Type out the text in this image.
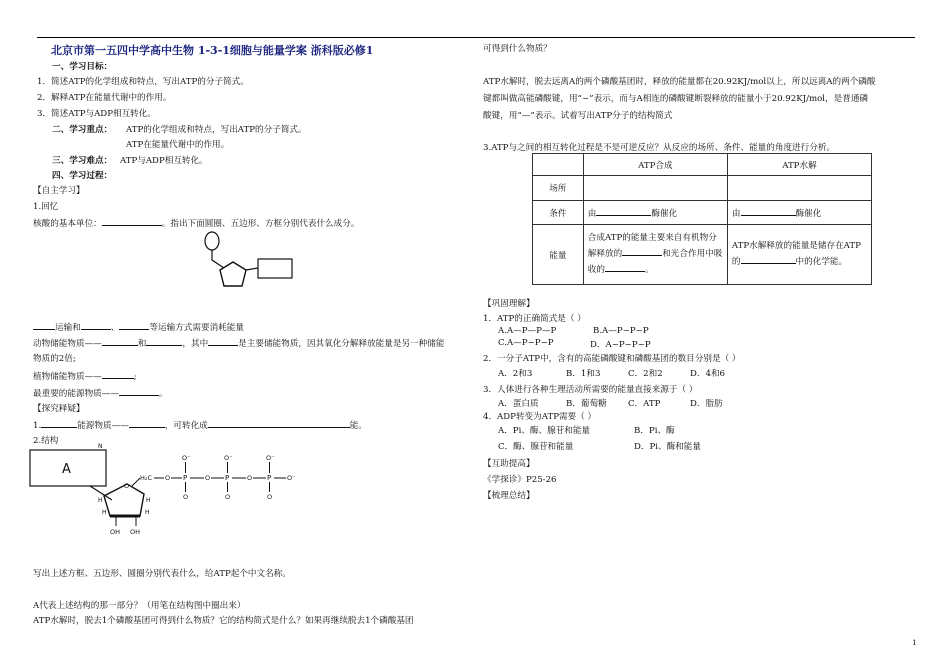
北京市第一五四中学高中生物 1-3-1细胞与能量学案 浙科版必修1
一、学习目标：
1．简述ATP的化学组成和特点，写出ATP的分子简式。
2．解释ATP在能量代谢中的作用。
3．简述ATP与ADP相互转化。
二、学习重点： ATP的化学组成和特点，写出ATP的分子简式。
ATP在能量代谢中的作用。
三、学习难点： ATP与ADP相互转化。
四、学习过程：
【自主学习】
1.回忆
核酸的基本单位：	。指出下面圆圈、五边形、方框分别代表什么成分。
运输和	、	等运输方式需要消耗能量
动物储能物质——	和	，其中	是主要储能物质，因其氧化分解释放能量是另一种储能
物质的2倍;
植物储能物质——	;
最重要的能源物质——	。
【探究释疑】
1.	能源物质——	，可转化成	能。
2.结构
A
N
O
H	H
H	H
OH OH
H₂C O P
O⁻
O
O P
O⁻
O
O P
O⁻
O
O⁻
写出上述方框、五边形、圆圈分别代表什么，给ATP起个中文名称。
A代表上述结构的那一部分？（用笔在结构图中圈出来）
ATP水解时，脱去1个磷酸基团可得到什么物质？它的结构简式是什么？如果再继续脱去1个磷酸基团
可得到什么物质？
ATP水解时，脱去远离A的两个磷酸基团时，释放的能量都在20.92KJ/mol以上，所以远离A的两个磷酸
键都叫做高能磷酸键，用“~”表示，而与A相连的磷酸键断裂释放的能量小于20.92KJ/mol，是普通磷
酸键，用“—”表示。试着写出ATP分子的结构简式
3.ATP与之间的相互转化过程是不是可逆反应？从反应的场所、条件、能量的角度进行分析。
	ATP合成	ATP水解
场所		
条件	由 酶催化	由 酶催化
能量	合成ATP的能量主要来自有机物分解释放的 和光合作用中吸收的 。	ATP水解释放的能量是储存在ATP的 中的化学能。
【巩固理解】
1．ATP的正确简式是（ ）
A.A—P—P—P	B.A—P~P~P
C.A—P~P~P	D．A~P~P~P
2．一分子ATP中，含有的高能磷酸键和磷酸基团的数目分别是（ ）
A．2和3	B．1和3	C．2和2	D．4和6
3．人体进行各种生理活动所需要的能量直接来源于（ ）
A．蛋白质	B．葡萄糖 C．ATP	D．脂肪
4．ADP转变为ATP需要（ ）
A．Pi、酶、腺苷和能量	B．Pi、酶
C．酶、腺苷和能量	D．Pi、酶和能量
【互助提高】
《学探诊》P25-26
【梳理总结】
1
